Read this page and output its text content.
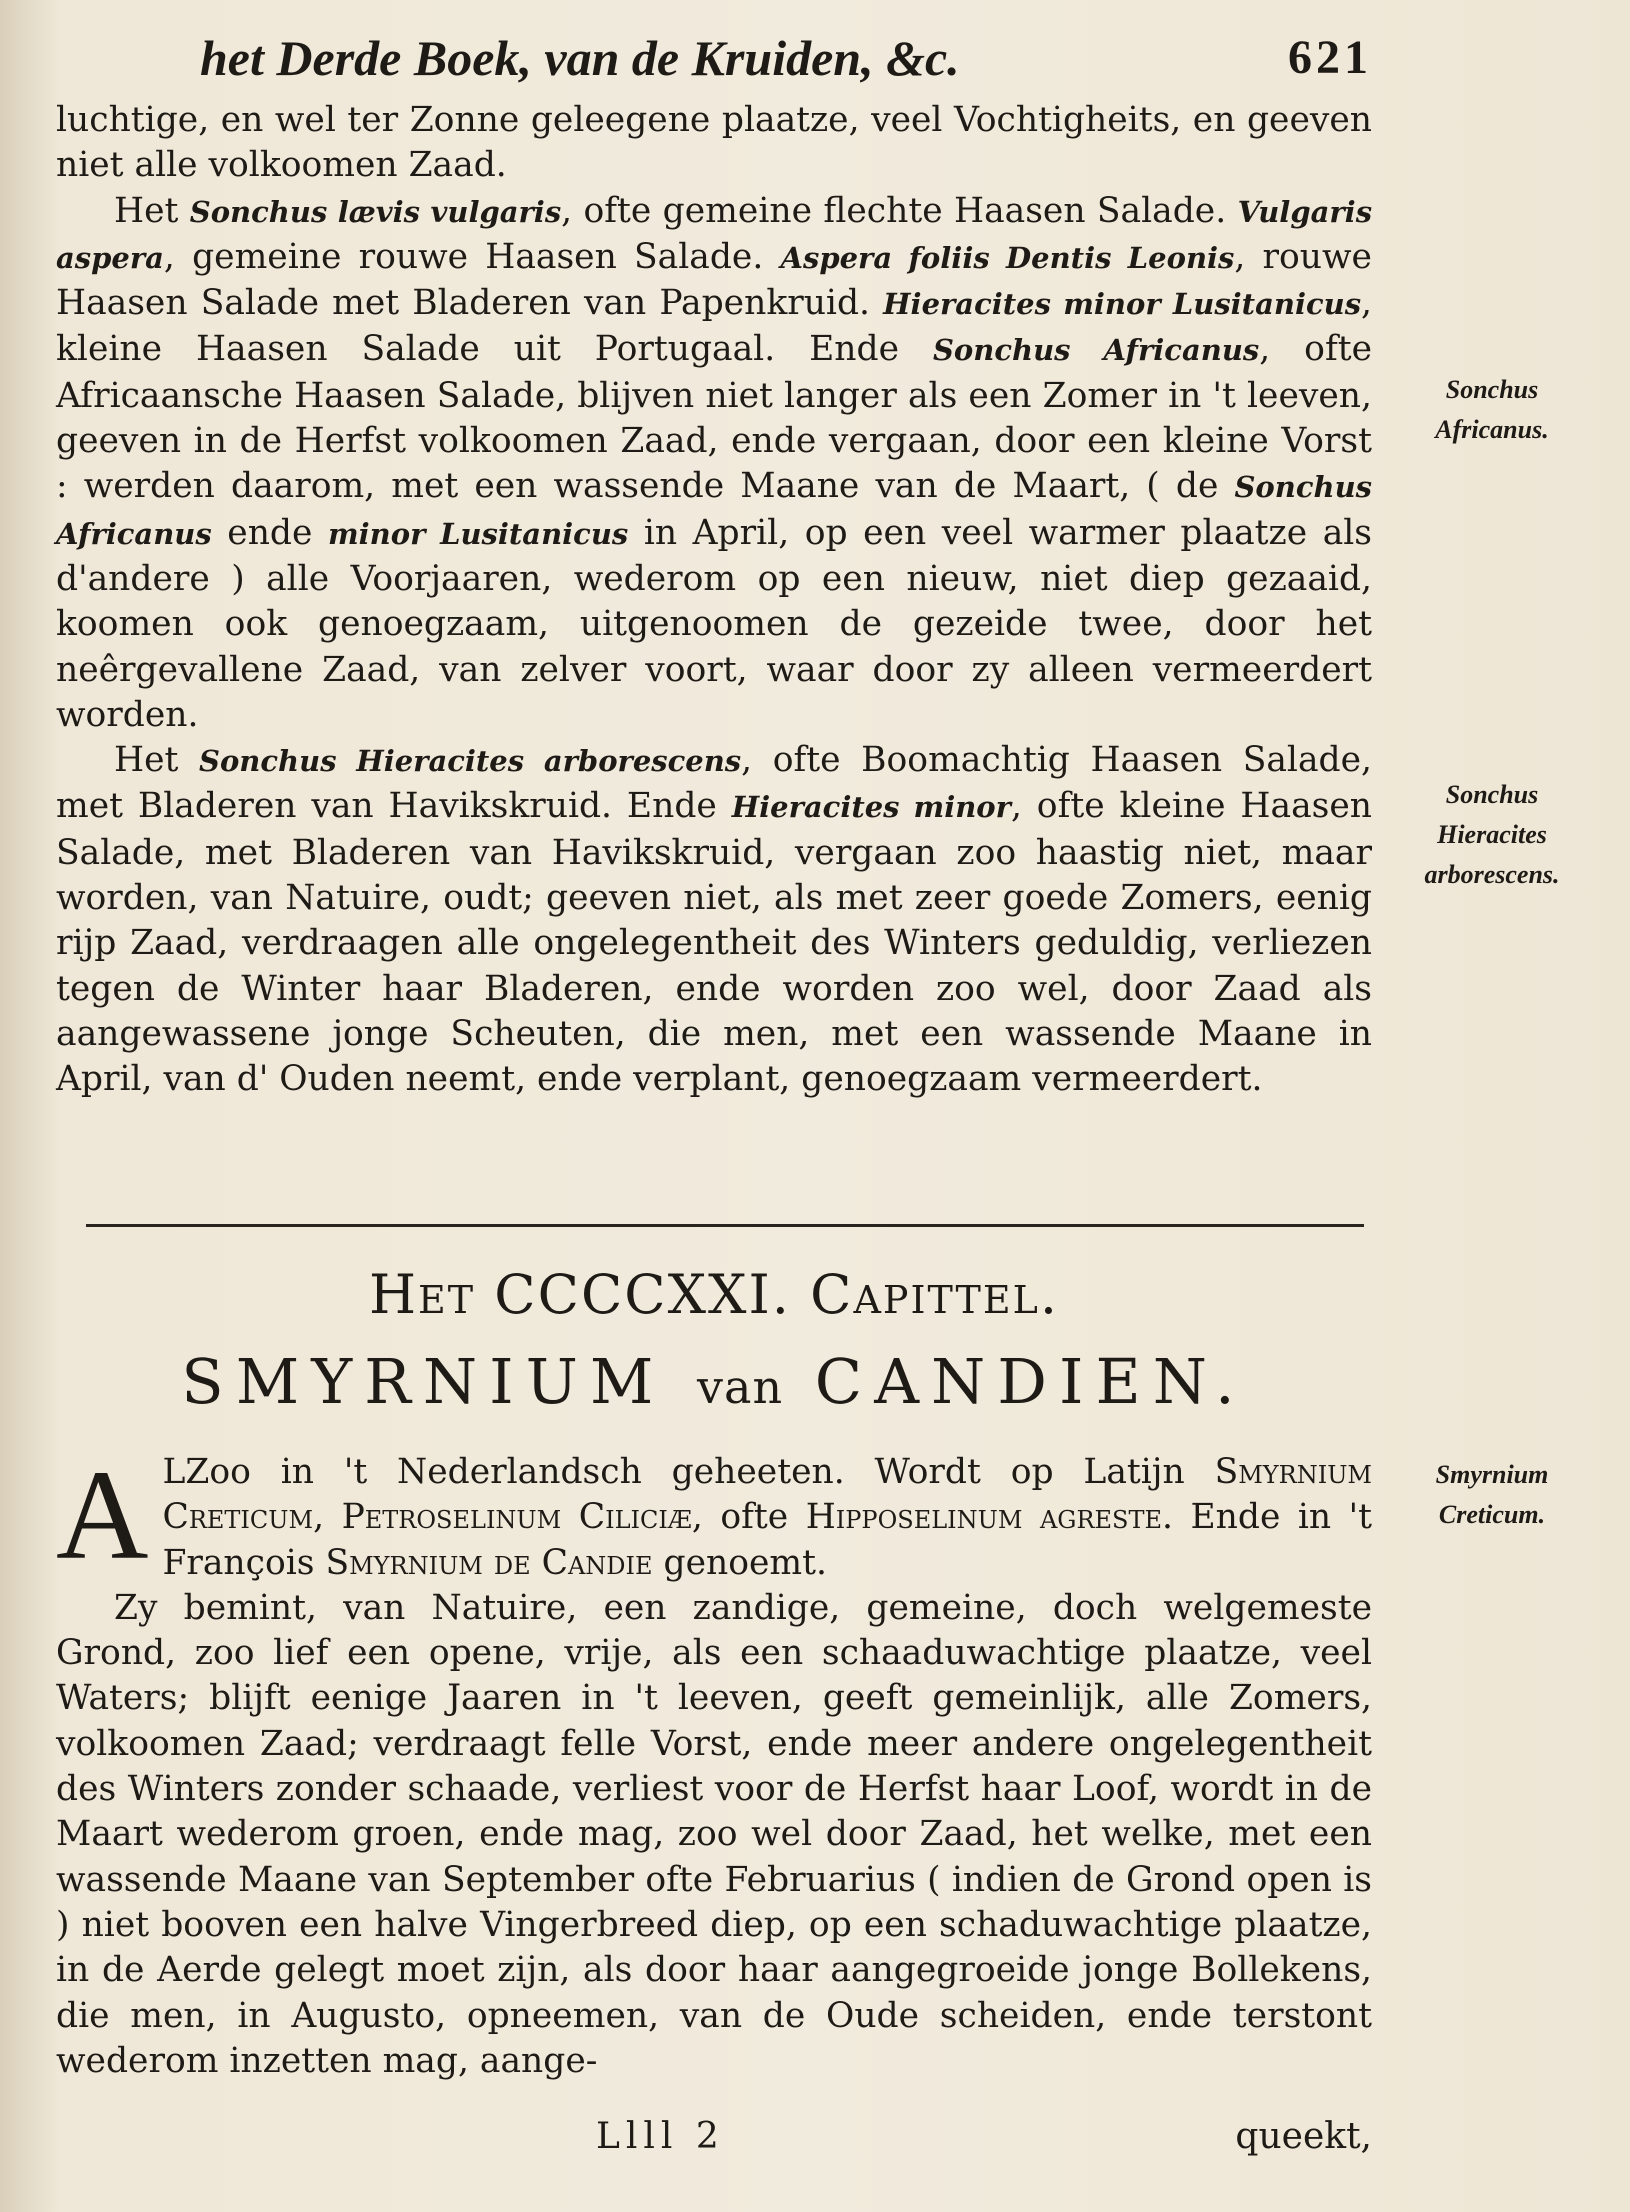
het Derde Boek, van de Kruiden, &c.	621

luchtige, en wel ter Zonne geleegene plaatze, veel Vochtigheits, en geeven niet alle volkoomen Zaad.

Het Sonchus lævis vulgaris, ofte gemeine flechte Haasen Salade. Vulgaris aspera, gemeine rouwe Haasen Salade. Aspera foliis Dentis Leonis, rouwe Haasen Salade met Bladeren van Papenkruid. Hieracites minor Lusitanicus, kleine Haasen Salade uit Portugaal. Ende Sonchus Africanus, ofte Africaansche Haasen Salade, blijven niet langer als een Zomer in 't leeven, geeven in de Herfst volkoomen Zaad, ende vergaan, door een kleine Vorst : werden daarom, met een wassende Maane van de Maart, ( de Sonchus Africanus ende minor Lusitanicus in April, op een veel warmer plaatze als d'andere ) alle Voorjaaren, wederom op een nieuw, niet diep gezaaid, koomen ook genoegzaam, uitgenoomen de gezeide twee, door het neêrgevallene Zaad, van zelver voort, waar door zy alleen vermeerdert worden.

Het Sonchus Hieracites arborescens, ofte Boomachtig Haasen Salade, met Bladeren van Havikskruid. Ende Hieracites minor, ofte kleine Haasen Salade, met Bladeren van Havikskruid, vergaan zoo haastig niet, maar worden, van Natuire, oudt; geeven niet, als met zeer goede Zomers, eenig rijp Zaad, verdraagen alle ongelegentheit des Winters geduldig, verliezen tegen de Winter haar Bladeren, ende worden zoo wel, door Zaad als aangewassene jonge Scheuten, die men, met een wassende Maane in April, van d' Ouden neemt, ende verplant, genoegzaam vermeerdert.

Sonchus Africanus.
Sonchus Hieracites arborescens.
Smyrnium Creticum.
Het CCCCXXI. Capittel.
SMYRNIUM van CANDIEN.

A LZoo in 't Nederlandsch geheeten. Wordt op Latijn Smyrnium Creticum, Petroselinum Ciliciæ, ofte Hipposelinum agreste. Ende in 't François Smyrnium de Candie genoemt.

Zy bemint, van Natuire, een zandige, gemeine, doch welgemeste Grond, zoo lief een opene, vrije, als een schaaduwachtige plaatze, veel Waters; blijft eenige Jaaren in 't leeven, geeft gemeinlijk, alle Zomers, volkoomen Zaad; verdraagt felle Vorst, ende meer andere ongelegentheit des Winters zonder schaade, verliest voor de Herfst haar Loof, wordt in de Maart wederom groen, ende mag, zoo wel door Zaad, het welke, met een wassende Maane van September ofte Februarius ( indien de Grond open is ) niet booven een halve Vingerbreed diep, op een schaduwachtige plaatze, in de Aerde gelegt moet zijn, als door haar aangegroeide jonge Bollekens, die men, in Augusto, opneemen, van de Oude scheiden, ende terstont wederom inzetten mag, aange-

Llll 2	queekt,
